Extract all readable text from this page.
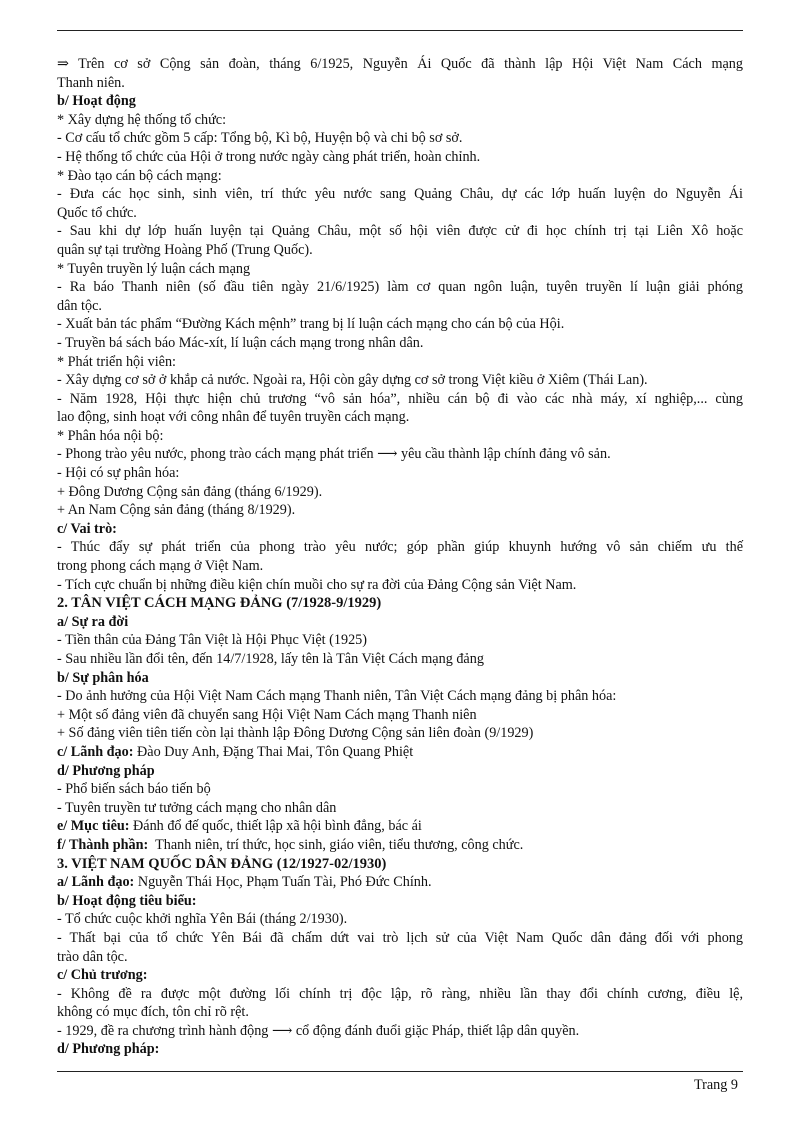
⇒ Trên cơ sở Cộng sản đoàn, tháng 6/1925, Nguyễn Ái Quốc đã thành lập Hội Việt Nam Cách mạng
Thanh niên.
b/ Hoạt động
* Xây dựng hệ thống tổ chức:
- Cơ cấu tổ chức gồm 5 cấp: Tổng bộ, Kì bộ, Huyện bộ và chi bộ sơ sở.
- Hệ thống tổ chức của Hội ở trong nước ngày càng phát triển, hoàn chỉnh.
* Đào tạo cán bộ cách mạng:
- Đưa các học sinh, sinh viên, trí thức yêu nước sang Quảng Châu, dự các lớp huấn luyện do Nguyễn Ái
Quốc tổ chức.
- Sau khi dự lớp huấn luyện tại Quảng Châu, một số hội viên được cử đi học chính trị tại Liên Xô hoặc
quân sự tại trường Hoàng Phố (Trung Quốc).
* Tuyên truyền lý luận cách mạng
- Ra báo Thanh niên (số đầu tiên ngày 21/6/1925) làm cơ quan ngôn luận, tuyên truyền lí luận giải phóng
dân tộc.
- Xuất bản tác phẩm “Đường Kách mệnh” trang bị lí luận cách mạng cho cán bộ của Hội.
- Truyền bá sách báo Mác-xít, lí luận cách mạng trong nhân dân.
* Phát triển hội viên:
- Xây dựng cơ sở ở khắp cả nước. Ngoài ra, Hội còn gây dựng cơ sở trong Việt kiều ở Xiêm (Thái Lan).
- Năm 1928, Hội thực hiện chủ trương “vô sản hóa”, nhiều cán bộ đi vào các nhà máy, xí nghiệp,... cùng
lao động, sinh hoạt với công nhân để tuyên truyền cách mạng.
* Phân hóa nội bộ:
- Phong trào yêu nước, phong trào cách mạng phát triển ⟶ yêu cầu thành lập chính đảng vô sản.
- Hội có sự phân hóa:
+ Đông Dương Cộng sản đảng (tháng 6/1929).
+ An Nam Cộng sản đảng (tháng 8/1929).
c/ Vai trò:
- Thúc đẩy sự phát triển của phong trào yêu nước; góp phần giúp khuynh hướng vô sản chiếm ưu thế
trong phong cách mạng ở Việt Nam.
- Tích cực chuẩn bị những điều kiện chín muồi cho sự ra đời của Đảng Cộng sản Việt Nam.
2. TÂN VIỆT CÁCH MẠNG ĐẢNG (7/1928-9/1929)
a/ Sự ra đời
- Tiền thân của Đảng Tân Việt là Hội Phục Việt (1925)
- Sau nhiều lần đổi tên, đến 14/7/1928, lấy tên là Tân Việt Cách mạng đảng
b/ Sự phân hóa
- Do ảnh hưởng của Hội Việt Nam Cách mạng Thanh niên, Tân Việt Cách mạng đảng bị phân hóa:
+ Một số đảng viên đã chuyển sang Hội Việt Nam Cách mạng Thanh niên
+ Số đảng viên tiên tiến còn lại thành lập Đông Dương Cộng sản liên đoàn (9/1929)
c/ Lãnh đạo: Đào Duy Anh, Đặng Thai Mai, Tôn Quang Phiệt
d/ Phương pháp
- Phổ biến sách báo tiến bộ
- Tuyên truyền tư tưởng cách mạng cho nhân dân
e/ Mục tiêu: Đánh đổ đế quốc, thiết lập xã hội bình đẳng, bác ái
f/ Thành phần:  Thanh niên, trí thức, học sinh, giáo viên, tiểu thương, công chức.
3. VIỆT NAM QUỐC DÂN ĐẢNG (12/1927-02/1930)
a/ Lãnh đạo: Nguyễn Thái Học, Phạm Tuấn Tài, Phó Đức Chính.
b/ Hoạt động tiêu biểu:
- Tổ chức cuộc khởi nghĩa Yên Bái (tháng 2/1930).
- Thất bại của tổ chức Yên Bái đã chấm dứt vai trò lịch sử của Việt Nam Quốc dân đảng đối với phong
trào dân tộc.
c/ Chủ trương:
- Không đề ra được một đường lối chính trị độc lập, rõ ràng, nhiều lần thay đổi chính cương, điều lệ,
không có mục đích, tôn chỉ rõ rệt.
- 1929, đề ra chương trình hành động ⟶ cổ động đánh đuổi giặc Pháp, thiết lập dân quyền.
d/ Phương pháp:
Trang 9
